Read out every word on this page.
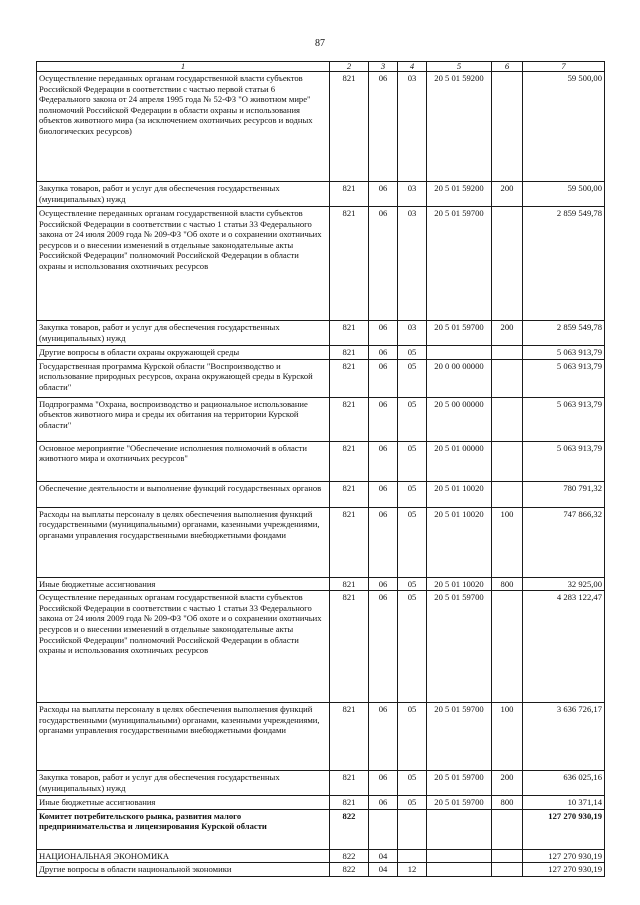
87
1	2	3	4	5	6	7
Осуществление переданных органам государственной власти субъектов Российской Федерации в соответствии с частью первой статьи 6 Федерального закона от 24 апреля 1995 года № 52-ФЗ "О животном мире" полномочий Российской Федерации в области охраны и использования объектов животного мира (за исключением охотничьих ресурсов и водных биологических ресурсов)	821	06	03	20 5 01 59200		59 500,00
Закупка товаров, работ и услуг для обеспечения государственных (муниципальных) нужд	821	06	03	20 5 01 59200	200	59 500,00
Осуществление переданных органам государственной власти субъектов Российской Федерации в соответствии с частью 1 статьи 33 Федерального закона от 24 июля 2009 года № 209-ФЗ "Об охоте и о сохранении охотничьих ресурсов и о внесении изменений в отдельные законодательные акты Российской Федерации" полномочий Российской Федерации в области охраны и использования охотничьих ресурсов	821	06	03	20 5 01 59700		2 859 549,78
Закупка товаров, работ и услуг для обеспечения государственных (муниципальных) нужд	821	06	03	20 5 01 59700	200	2 859 549,78
Другие вопросы в области охраны окружающей среды	821	06	05			5 063 913,79
Государственная программа Курской области "Воспроизводство и использование природных ресурсов, охрана окружающей среды в Курской области"	821	06	05	20 0 00 00000		5 063 913,79
Подпрограмма "Охрана, воспроизводство и рациональное использование объектов животного мира и среды их обитания на территории Курской области"	821	06	05	20 5 00 00000		5 063 913,79
Основное мероприятие "Обеспечение исполнения полномочий в области животного мира и охотничьих ресурсов"	821	06	05	20 5 01 00000		5 063 913,79
Обеспечение деятельности и выполнение функций государственных органов	821	06	05	20 5 01 10020		780 791,32
Расходы на выплаты персоналу в целях обеспечения выполнения функций государственными (муниципальными) органами, казенными учреждениями, органами управления государственными внебюджетными фондами	821	06	05	20 5 01 10020	100	747 866,32
Иные бюджетные ассигнования	821	06	05	20 5 01 10020	800	32 925,00
Осуществление переданных органам государственной власти субъектов Российской Федерации в соответствии с частью 1 статьи 33 Федерального закона от 24 июля 2009 года № 209-ФЗ "Об охоте и о сохранении охотничьих ресурсов и о внесении изменений в отдельные законодательные акты Российской Федерации" полномочий Российской Федерации в области охраны и использования охотничьих ресурсов	821	06	05	20 5 01 59700		4 283 122,47
Расходы на выплаты персоналу в целях обеспечения выполнения функций государственными (муниципальными) органами, казенными учреждениями, органами управления государственными внебюджетными фондами	821	06	05	20 5 01 59700	100	3 636 726,17
Закупка товаров, работ и услуг для обеспечения государственных (муниципальных) нужд	821	06	05	20 5 01 59700	200	636 025,16
Иные бюджетные ассигнования	821	06	05	20 5 01 59700	800	10 371,14
Комитет потребительского рынка, развития малого предпринимательства и лицензирования Курской области	822					127 270 930,19
НАЦИОНАЛЬНАЯ ЭКОНОМИКА	822	04				127 270 930,19
Другие вопросы в области национальной экономики	822	04	12			127 270 930,19
